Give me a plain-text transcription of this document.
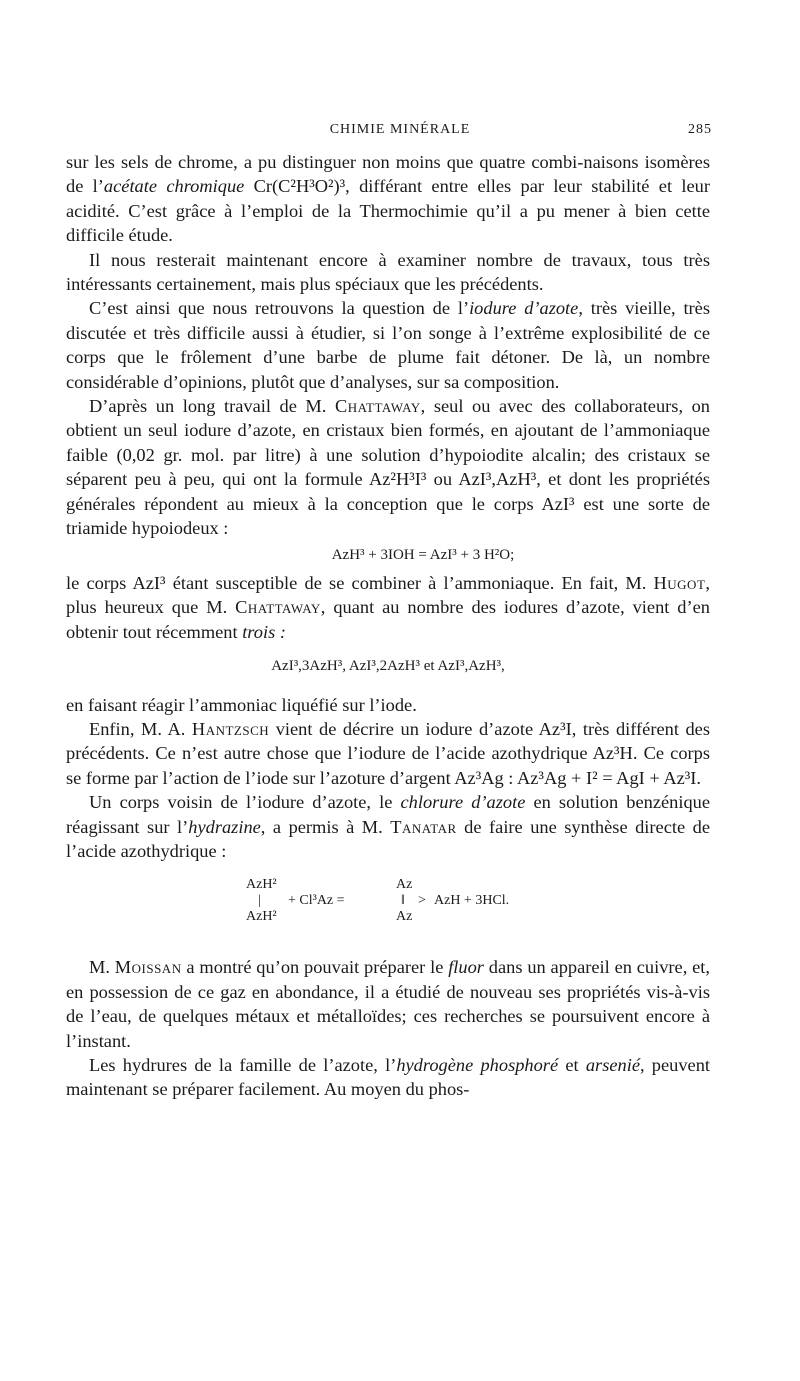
CHIMIE MINÉRALE	285

sur les sels de chrome, a pu distinguer non moins que quatre combi-naisons isomères de l’acétate chromique Cr(C²H³O²)³, différant entre elles par leur stabilité et leur acidité. C’est grâce à l’emploi de la Thermochimie qu’il a pu mener à bien cette difficile étude.

Il nous resterait maintenant encore à examiner nombre de travaux, tous très intéressants certainement, mais plus spéciaux que les précédents.

C’est ainsi que nous retrouvons la question de l’iodure d’azote, très vieille, très discutée et très difficile aussi à étudier, si l’on songe à l’extrême explosibilité de ce corps que le frôlement d’une barbe de plume fait détoner. De là, un nombre considérable d’opinions, plutôt que d’analyses, sur sa composition.

D’après un long travail de M. Chattaway, seul ou avec des collaborateurs, on obtient un seul iodure d’azote, en cristaux bien formés, en ajoutant de l’ammoniaque faible (0,02 gr. mol. par litre) à une solution d’hypoiodite alcalin; des cristaux se séparent peu à peu, qui ont la formule Az²H³I³ ou AzI³,AzH³, et dont les propriétés générales répondent au mieux à la conception que le corps AzI³ est une sorte de triamide hypoiodeux :

AzH³ + 3IOH = AzI³ + 3 H²O;

le corps AzI³ étant susceptible de se combiner à l’ammoniaque. En fait, M. Hugot, plus heureux que M. Chattaway, quant au nombre des iodures d’azote, vient d’en obtenir tout récemment trois :

AzI³,3AzH³, AzI³,2AzH³ et AzI³,AzH³,

en faisant réagir l’ammoniac liquéfié sur l’iode.

Enfin, M. A. Hantzsch vient de décrire un iodure d’azote Az³I, très différent des précédents. Ce n’est autre chose que l’iodure de l’acide azothydrique Az³H. Ce corps se forme par l’action de l’iode sur l’azoture d’argent Az³Ag : Az³Ag + I² = AgI + Az³I.

Un corps voisin de l’iodure d’azote, le chlorure d’azote en solution benzénique réagissant sur l’hydrazine, a permis à M. Tanatar de faire une synthèse directe de l’acide azothydrique :

AzH²
|
AzH²
+ Cl³Az =
Az
‖
Az
> AzH + 3HCl.

M. Moissan a montré qu’on pouvait préparer le fluor dans un appareil en cuivre, et, en possession de ce gaz en abondance, il a étudié de nouveau ses propriétés vis-à-vis de l’eau, de quelques métaux et métalloïdes; ces recherches se poursuivent encore à l’instant.

Les hydrures de la famille de l’azote, l’hydrogène phosphoré et arsenié, peuvent maintenant se préparer facilement. Au moyen du phos-
